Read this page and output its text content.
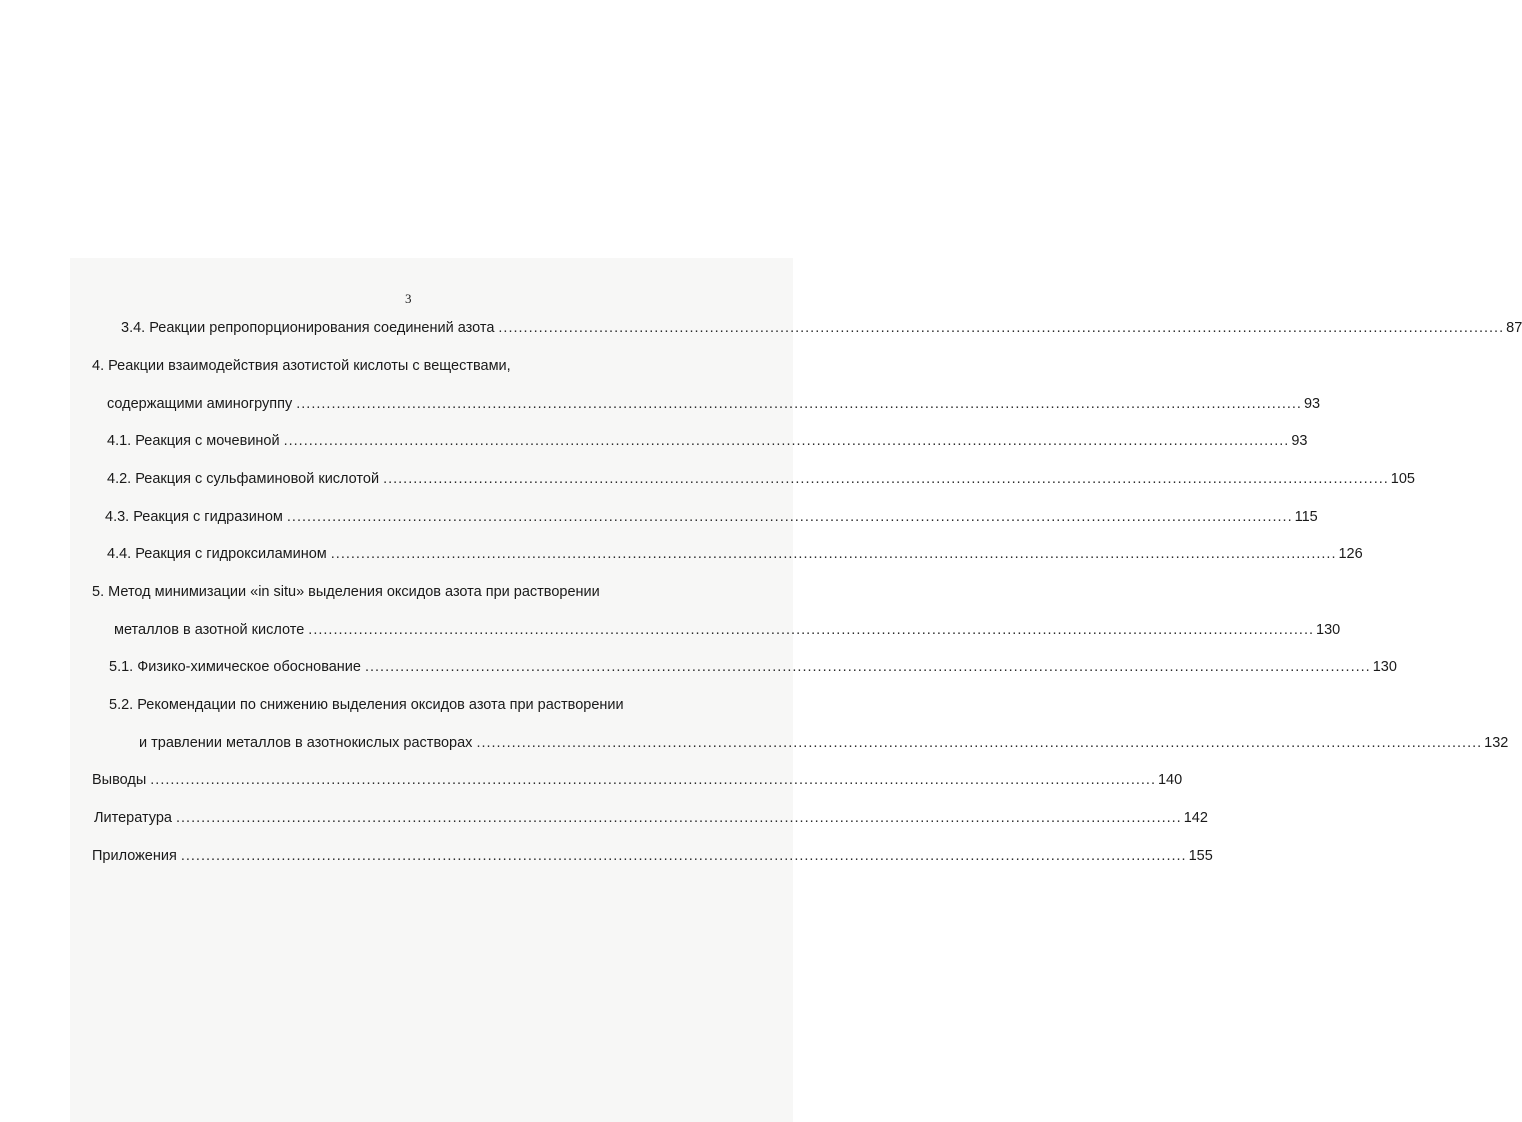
3
3.4. Реакции репропорционирования соединений азота ........................................................................................................................................................................................................ 87
4. Реакции взаимодействия азотистой кислоты с веществами,
содержащими аминогруппу ........................................................................................................................................................................................................ 93
4.1. Реакция с мочевиной ........................................................................................................................................................................................................ 93
4.2. Реакция с сульфаминовой кислотой ........................................................................................................................................................................................................ 105
4.3. Реакция с гидразином ........................................................................................................................................................................................................ 115
4.4. Реакция с гидроксиламином ........................................................................................................................................................................................................ 126
5. Метод минимизации «in situ» выделения оксидов азота при растворении
металлов в азотной кислоте ........................................................................................................................................................................................................ 130
5.1. Физико-химическое обоснование ........................................................................................................................................................................................................ 130
5.2. Рекомендации по снижению выделения оксидов азота при растворении
и травлении металлов в азотнокислых растворах ........................................................................................................................................................................................................ 132
Выводы ........................................................................................................................................................................................................ 140
Литература ........................................................................................................................................................................................................ 142
Приложения ........................................................................................................................................................................................................ 155
